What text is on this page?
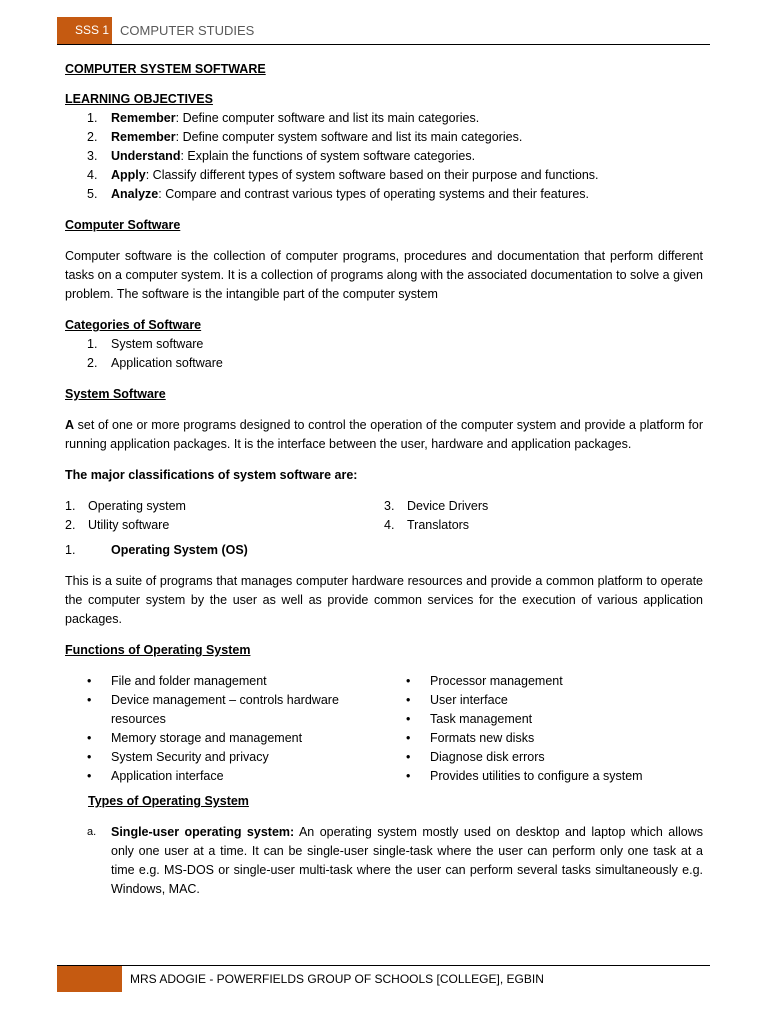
SSS 1 COMPUTER STUDIES

COMPUTER SYSTEM SOFTWARE

LEARNING OBJECTIVES

1. Remember: Define computer software and list its main categories.
2. Remember: Define computer system software and list its main categories.
3. Understand: Explain the functions of system software categories.
4. Apply: Classify different types of system software based on their purpose and functions.
5. Analyze: Compare and contrast various types of operating systems and their features.

Computer Software

Computer software is the collection of computer programs, procedures and documentation that perform different tasks on a computer system. It is a collection of programs along with the associated documentation to solve a given problem. The software is the intangible part of the computer system

Categories of Software

1. System software
2. Application software

System Software

A set of one or more programs designed to control the operation of the computer system and provide a platform for running application packages. It is the interface between the user, hardware and application packages.

The major classifications of system software are:

1. Operating system
2. Utility software
3. Device Drivers
4. Translators
1.	Operating System (OS)

This is a suite of programs that manages computer hardware resources and provide a common platform to operate the computer system by the user as well as provide common services for the execution of various application packages.

Functions of Operating System

• File and folder management
• Device management – controls hardware resources
• Memory storage and management
• System Security and privacy
• Application interface
• Processor management
• User interface
• Task management
• Formats new disks
• Diagnose disk errors
• Provides utilities to configure a system

Types of Operating System

a. Single-user operating system: An operating system mostly used on desktop and laptop which allows only one user at a time. It can be single-user single-task where the user can perform only one task at a time e.g. MS-DOS or single-user multi-task where the user can perform several tasks simultaneously e.g. Windows, MAC.

MRS ADOGIE - POWERFIELDS GROUP OF SCHOOLS [COLLEGE], EGBIN
